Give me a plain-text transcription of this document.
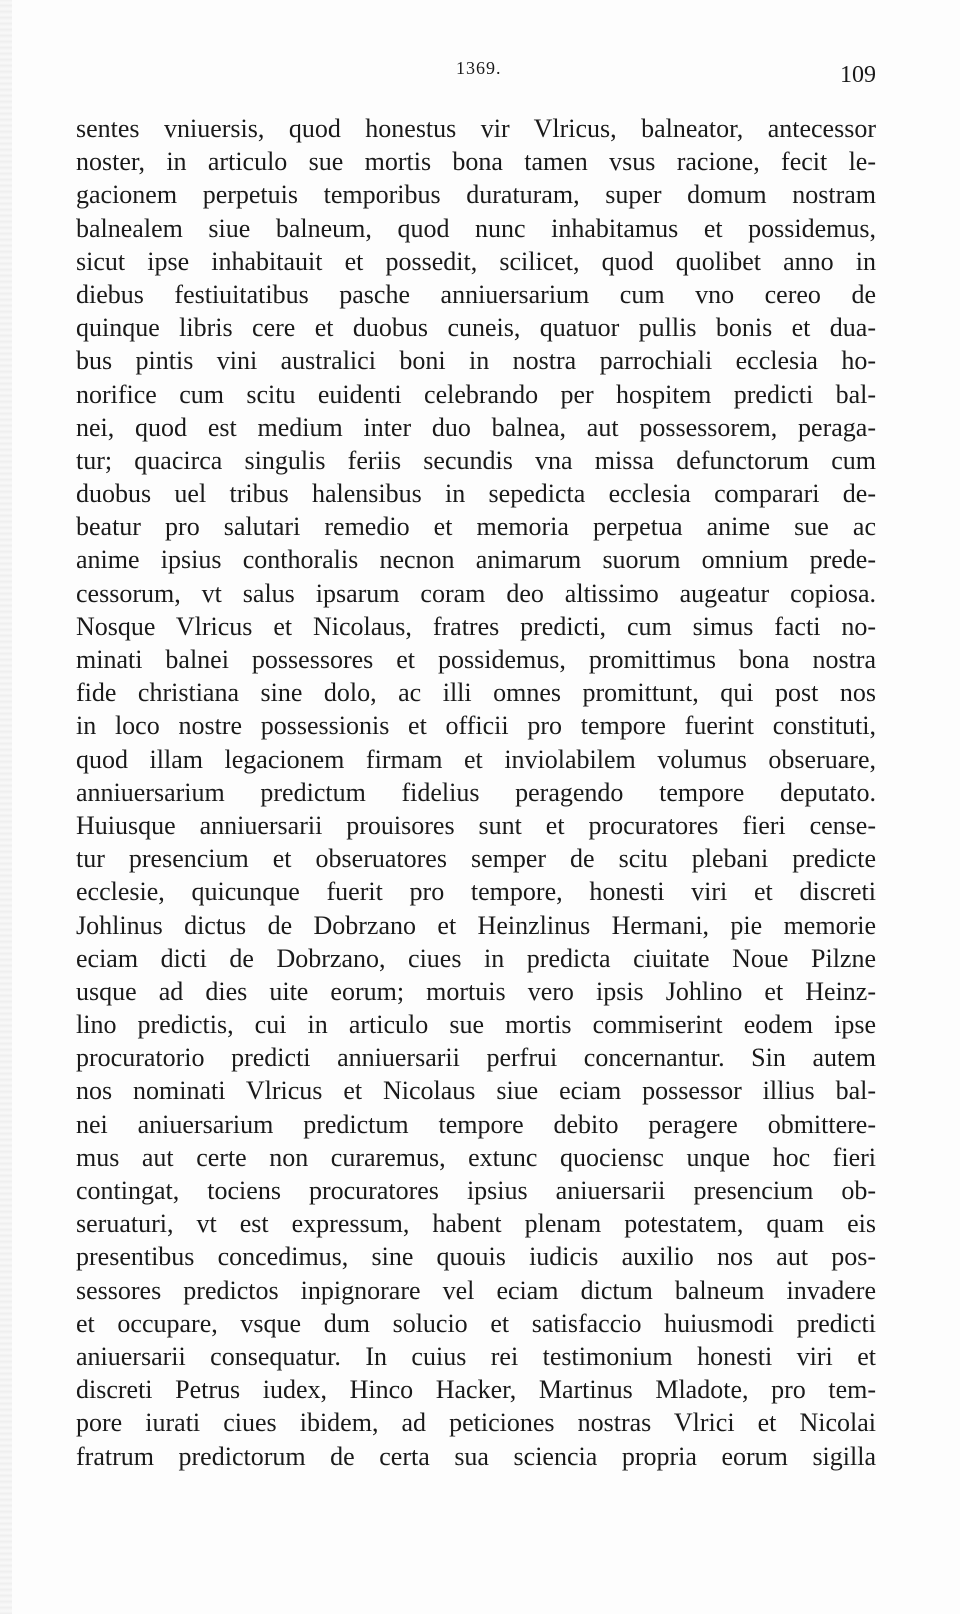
1369.	109
sentes vniuersis, quod honestus vir Vlricus, balneator, antecessor
noster, in articulo sue mortis bona tamen vsus racione, fecit le-
gacionem perpetuis temporibus duraturam, super domum nostram
balnealem siue balneum, quod nunc inhabitamus et possidemus,
sicut ipse inhabitauit et possedit, scilicet, quod quolibet anno in
diebus festiuitatibus pasche anniuersarium cum vno cereo de
quinque libris cere et duobus cuneis, quatuor pullis bonis et dua-
bus pintis vini australici boni in nostra parrochiali ecclesia ho-
norifice cum scitu euidenti celebrando per hospitem predicti bal-
nei, quod est medium inter duo balnea, aut possessorem, peraga-
tur; quacirca singulis feriis secundis vna missa defunctorum cum
duobus uel tribus halensibus in sepedicta ecclesia comparari de-
beatur pro salutari remedio et memoria perpetua anime sue ac
anime ipsius conthoralis necnon animarum suorum omnium prede-
cessorum, vt salus ipsarum coram deo altissimo augeatur copiosa.
Nosque Vlricus et Nicolaus, fratres predicti, cum simus facti no-
minati balnei possessores et possidemus, promittimus bona nostra
fide christiana sine dolo, ac illi omnes promittunt, qui post nos
in loco nostre possessionis et officii pro tempore fuerint constituti,
quod illam legacionem firmam et inviolabilem volumus obseruare,
anniuersarium predictum fidelius peragendo tempore deputato.
Huiusque anniuersarii prouisores sunt et procuratores fieri cense-
tur presencium et obseruatores semper de scitu plebani predicte
ecclesie, quicunque fuerit pro tempore, honesti viri et discreti
Johlinus dictus de Dobrzano et Heinzlinus Hermani, pie memorie
eciam dicti de Dobrzano, ciues in predicta ciuitate Noue Pilzne
usque ad dies uite eorum; mortuis vero ipsis Johlino et Heinz-
lino predictis, cui in articulo sue mortis commiserint eodem ipse
procuratorio predicti anniuersarii perfrui concernantur. Sin autem
nos nominati Vlricus et Nicolaus siue eciam possessor illius bal-
nei aniuersarium predictum tempore debito peragere obmittere-
mus aut certe non curaremus, extunc quociensc unque hoc fieri
contingat, tociens procuratores ipsius aniuersarii presencium ob-
seruaturi, vt est expressum, habent plenam potestatem, quam eis
presentibus concedimus, sine quouis iudicis auxilio nos aut pos-
sessores predictos inpignorare vel eciam dictum balneum invadere
et occupare, vsque dum solucio et satisfaccio huiusmodi predicti
aniuersarii consequatur. In cuius rei testimonium honesti viri et
discreti Petrus iudex, Hinco Hacker, Martinus Mladote, pro tem-
pore iurati ciues ibidem, ad peticiones nostras Vlrici et Nicolai
fratrum predictorum de certa sua sciencia propria eorum sigilla
